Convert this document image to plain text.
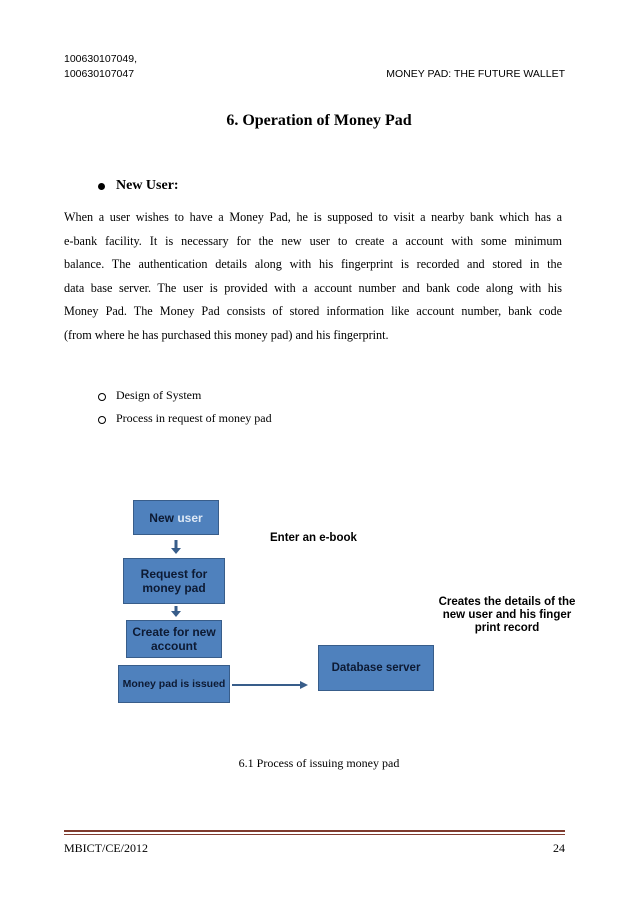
100630107049,
100630107047	MONEY PAD: THE FUTURE WALLET
6. Operation of Money Pad
New User:
When a user wishes to have a Money Pad, he is supposed to visit a nearby bank which has a
e-bank facility. It is necessary for the new user to create a account with some minimum
balance. The authentication details along with his fingerprint is recorded and stored in the
data base server. The user is provided with a account number and bank code along with his
Money Pad. The Money Pad consists of stored information like account number, bank code
(from where he has purchased this money pad) and his fingerprint.
Design of System
Process in request of money pad
New
user
Request for money pad
Create for new account
Money pad is issued
Database server
Enter an e-book
Creates the details of the new user and his finger print record
6.1 Process of issuing money pad
MBICT/CE/2012	24
